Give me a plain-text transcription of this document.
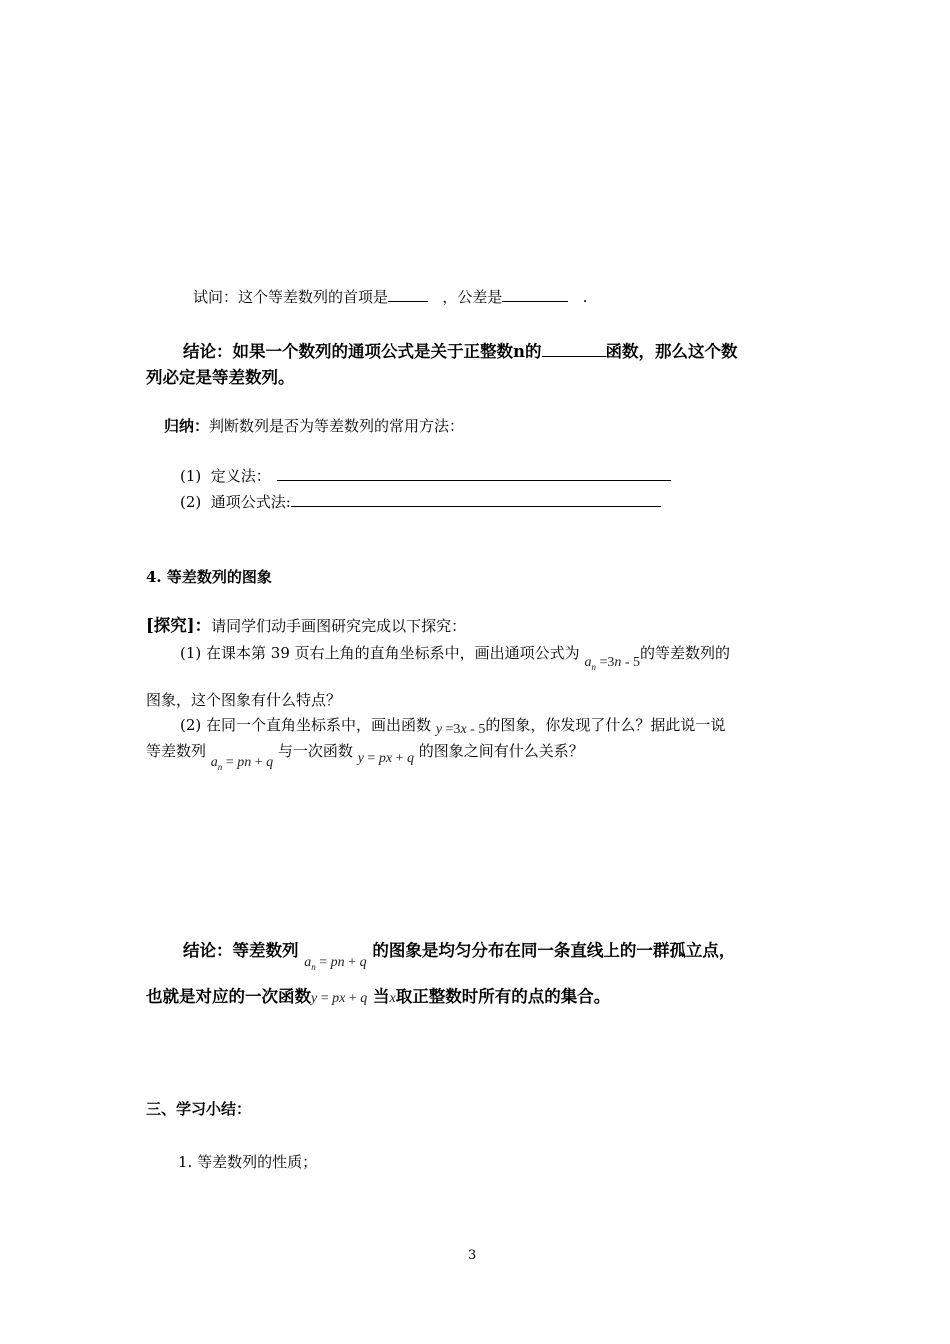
试问：这个等差数列的首项是	，公差是	.
结论：如果一个数列的通项公式是关于正整数n的	函数，那么这个数
列必定是等差数列。
归纳：判断数列是否为等差数列的常用方法：
(1) 定义法：
(2) 通项公式法:
4. 等差数列的图象
[探究]：请同学们动手画图研究完成以下探究：
(1) 在课本第 39 页右上角的直角坐标系中，画出通项公式为 $a_n =3n - 5$的等差数列的
图象，这个图象有什么特点？
(2) 在同一个直角坐标系中，画出函数 y =3x - 5的图象，你发现了什么？据此说一说
等差数列 $a_n$ = pn + q 与一次函数 y = px + q 的图象之间有什么关系？
结论：等差数列 $a_n$ = pn + q 的图象是均匀分布在同一条直线上的一群孤立点，
也就是对应的一次函数y = px + q 当x取正整数时所有的点的集合。
三、学习小结：
1. 等差数列的性质；
3
